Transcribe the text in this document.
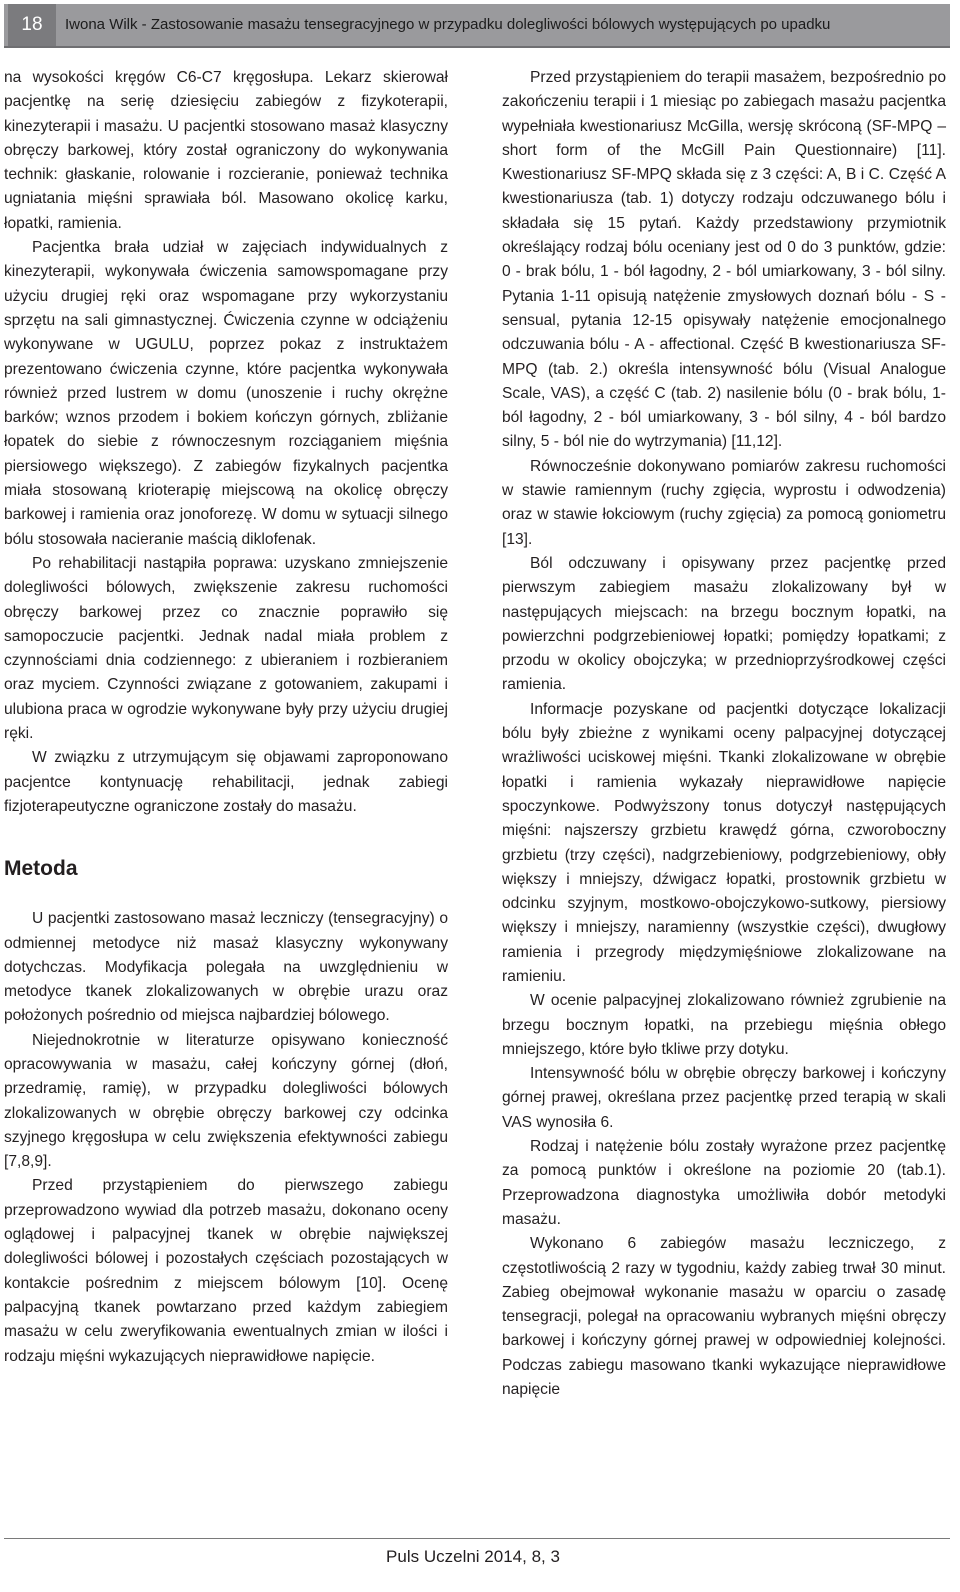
18	Iwona Wilk - Zastosowanie masażu tensegracyjnego w przypadku dolegliwości bólowych występujących po upadku

na wysokości kręgów C6-C7 kręgosłupa. Lekarz skierował pacjentkę na serię dziesięciu zabiegów z fizykoterapii, kinezyterapii i masażu. U pacjentki stosowano masaż klasyczny obręczy barkowej, który został ograniczony do wykonywania technik: głaskanie, rolowanie i rozcieranie, ponieważ technika ugniatania mięśni sprawiała ból. Masowano okolicę karku, łopatki, ramienia.

Pacjentka brała udział w zajęciach indywidualnych z kinezyterapii, wykonywała ćwiczenia samowspomagane przy użyciu drugiej ręki oraz wspomagane przy wykorzystaniu sprzętu na sali gimnastycznej. Ćwiczenia czynne w odciążeniu wykonywane w UGULU, poprzez pokaz z instruktażem prezentowano ćwiczenia czynne, które pacjentka wykonywała również przed lustrem w domu (unoszenie i ruchy okrężne barków; wznos przodem i bokiem kończyn górnych, zbliżanie łopatek do siebie z równoczesnym rozciąganiem mięśnia piersiowego większego). Z zabiegów fizykalnych pacjentka miała stosowaną krioterapię miejscową na okolicę obręczy barkowej i ramienia oraz jonoforezę. W domu w sytuacji silnego bólu stosowała nacieranie maścią diklofenak.

Po rehabilitacji nastąpiła poprawa: uzyskano zmniejszenie dolegliwości bólowych, zwiększenie zakresu ruchomości obręczy barkowej przez co znacznie poprawiło się samopoczucie pacjentki. Jednak nadal miała problem z czynnościami dnia codziennego: z ubieraniem i rozbieraniem oraz myciem. Czynności związane z gotowaniem, zakupami i ulubiona praca w ogrodzie wykonywane były przy użyciu drugiej ręki.

W związku z utrzymującym się objawami zaproponowano pacjentce kontynuację rehabilitacji, jednak zabiegi fizjoterapeutyczne ograniczone zostały do masażu.

Metoda

U pacjentki zastosowano masaż leczniczy (tensegracyjny) o odmiennej metodyce niż masaż klasyczny wykonywany dotychczas. Modyfikacja polegała na uwzględnieniu w metodyce tkanek zlokalizowanych w obrębie urazu oraz położonych pośrednio od miejsca najbardziej bólowego.

Niejednokrotnie w literaturze opisywano konieczność opracowywania w masażu, całej kończyny górnej (dłoń, przedramię, ramię), w przypadku dolegliwości bólowych zlokalizowanych w obrębie obręczy barkowej czy odcinka szyjnego kręgosłupa w celu zwiększenia efektywności zabiegu [7,8,9].

Przed przystąpieniem do pierwszego zabiegu przeprowadzono wywiad dla potrzeb masażu, dokonano oceny oglądowej i palpacyjnej tkanek w obrębie największej dolegliwości bólowej i pozostałych częściach pozostających w kontakcie pośrednim z miejscem bólowym [10]. Ocenę palpacyjną tkanek powtarzano przed każdym zabiegiem masażu w celu zweryfikowania ewentualnych zmian w ilości i rodzaju mięśni wykazujących nieprawidłowe napięcie.

Przed przystąpieniem do terapii masażem, bezpośrednio po zakończeniu terapii i 1 miesiąc po zabiegach masażu pacjentka wypełniała kwestionariusz McGilla, wersję skróconą (SF-MPQ – short form of the McGill Pain Questionnaire) [11]. Kwestionariusz SF-MPQ składa się z 3 części: A, B i C. Część A kwestionariusza (tab. 1) dotyczy rodzaju odczuwanego bólu i składała się 15 pytań. Każdy przedstawiony przymiotnik określający rodzaj bólu oceniany jest od 0 do 3 punktów, gdzie: 0 - brak bólu, 1 - ból łagodny, 2 - ból umiarkowany, 3 - ból silny. Pytania 1-11 opisują natężenie zmysłowych doznań bólu - S - sensual, pytania 12-15 opisywały natężenie emocjonalnego odczuwania bólu - A - affectional. Część B kwestionariusza SF-MPQ (tab. 2.) określa intensywność bólu (Visual Analogue Scale, VAS), a część C (tab. 2) nasilenie bólu (0 - brak bólu, 1- ból łagodny, 2 - ból umiarkowany, 3 - ból silny, 4 - ból bardzo silny, 5 - ból nie do wytrzymania) [11,12].

Równocześnie dokonywano pomiarów zakresu ruchomości w stawie ramiennym (ruchy zgięcia, wyprostu i odwodzenia) oraz w stawie łokciowym (ruchy zgięcia) za pomocą goniometru [13].

Ból odczuwany i opisywany przez pacjentkę przed pierwszym zabiegiem masażu zlokalizowany był w następujących miejscach: na brzegu bocznym łopatki, na powierzchni podgrzebieniowej łopatki; pomiędzy łopatkami; z przodu w okolicy obojczyka; w przednioprzyśrodkowej części ramienia.

Informacje pozyskane od pacjentki dotyczące lokalizacji bólu były zbieżne z wynikami oceny palpacyjnej dotyczącej wrażliwości uciskowej mięśni. Tkanki zlokalizowane w obrębie łopatki i ramienia wykazały nieprawidłowe napięcie spoczynkowe. Podwyższony tonus dotyczył następujących mięśni: najszerszy grzbietu krawędź górna, czworoboczny grzbietu (trzy części), nadgrzebieniowy, podgrzebieniowy, obły większy i mniejszy, dźwigacz łopatki, prostownik grzbietu w odcinku szyjnym, mostkowo-obojczykowo-sutkowy, piersiowy większy i mniejszy, naramienny (wszystkie części), dwugłowy ramienia i przegrody międzymięśniowe zlokalizowane na ramieniu.

W ocenie palpacyjnej zlokalizowano również zgrubienie na brzegu bocznym łopatki, na przebiegu mięśnia obłego mniejszego, które było tkliwe przy dotyku.

Intensywność bólu w obrębie obręczy barkowej i kończyny górnej prawej, określana przez pacjentkę przed terapią w skali VAS wynosiła 6.

Rodzaj i natężenie bólu zostały wyrażone przez pacjentkę za pomocą punktów i określone na poziomie 20 (tab.1). Przeprowadzona diagnostyka umożliwiła dobór metodyki masażu.

Wykonano 6 zabiegów masażu leczniczego, z częstotliwością 2 razy w tygodniu, każdy zabieg trwał 30 minut. Zabieg obejmował wykonanie masażu w oparciu o zasadę tensegracji, polegał na opracowaniu wybranych mięśni obręczy barkowej i kończyny górnej prawej w odpowiedniej kolejności. Podczas zabiegu masowano tkanki wykazujące nieprawidłowe napięcie

Puls Uczelni 2014, 8, 3
